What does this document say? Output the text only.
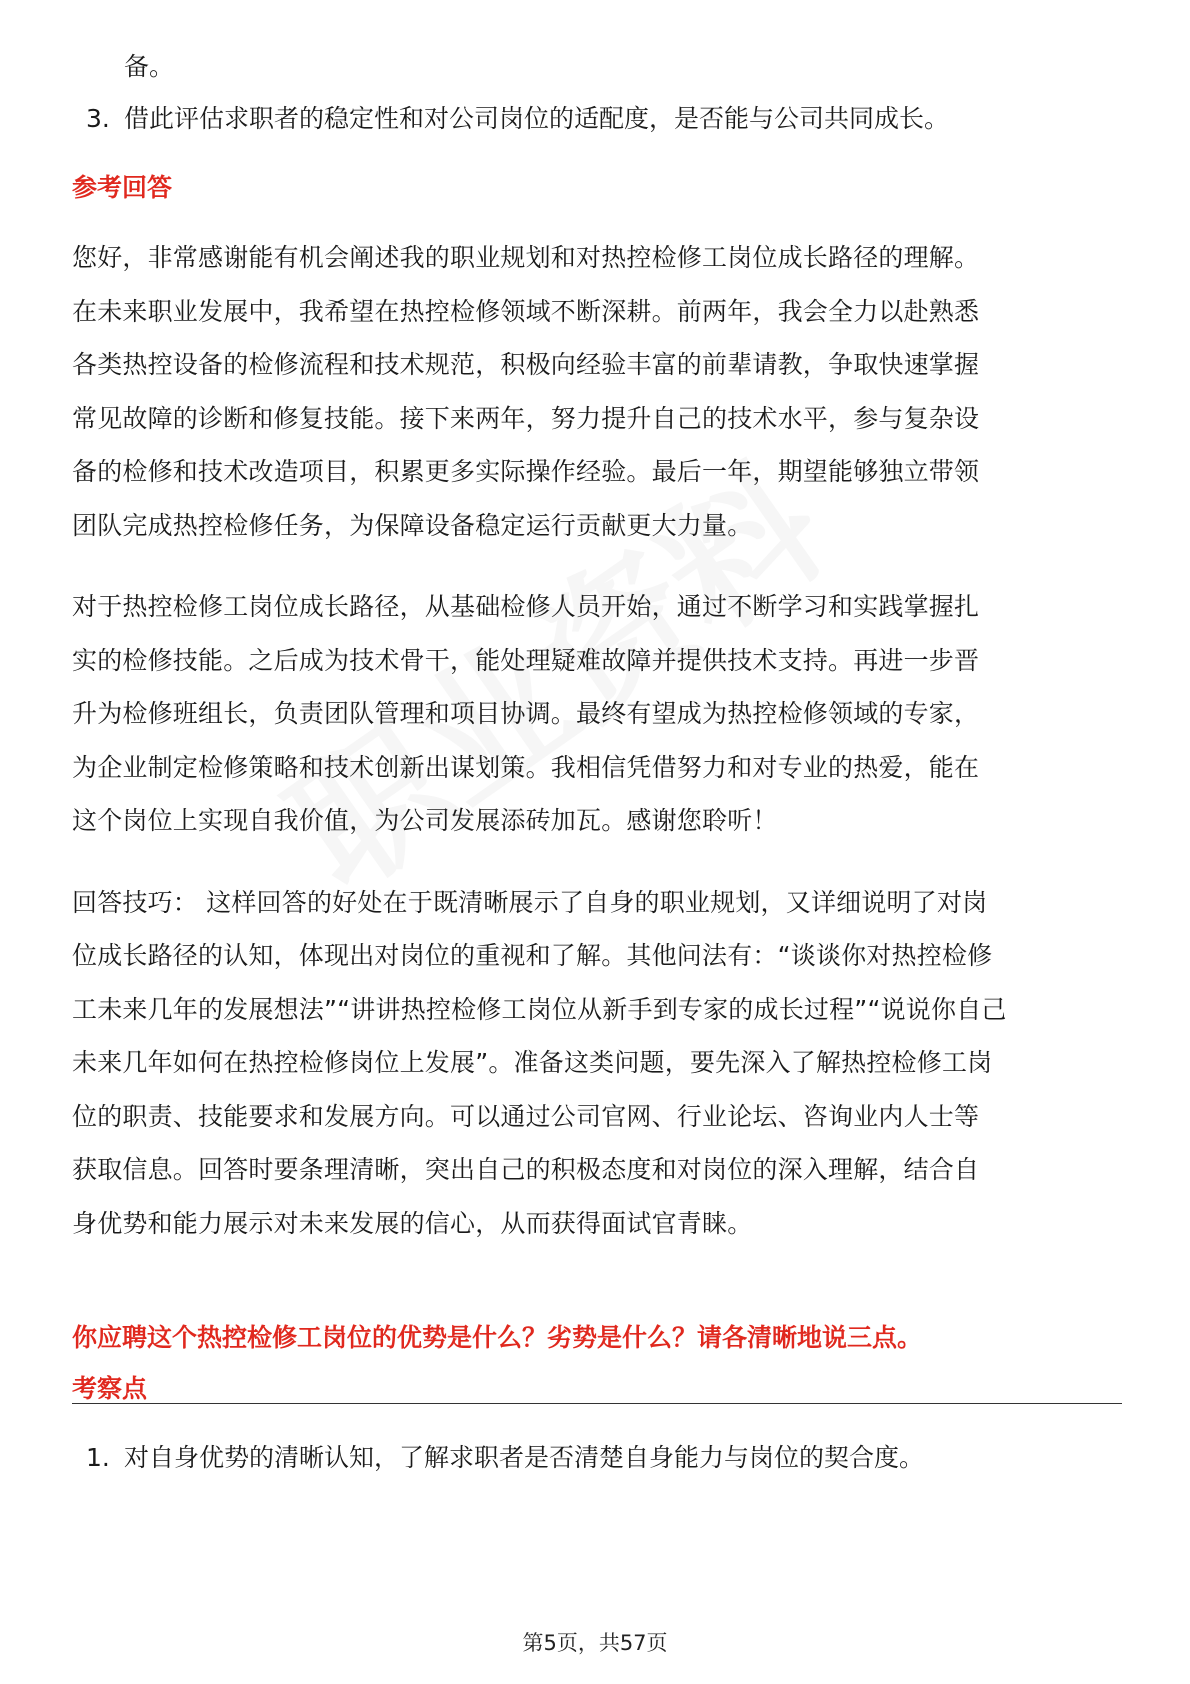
备。
3. 借此评估求职者的稳定性和对公司岗位的适配度，是否能与公司共同成长。
参考回答
您好，非常感谢能有机会阐述我的职业规划和对热控检修工岗位成长路径的理解。
在未来职业发展中，我希望在热控检修领域不断深耕。前两年，我会全力以赴熟悉
各类热控设备的检修流程和技术规范，积极向经验丰富的前辈请教，争取快速掌握
常见故障的诊断和修复技能。接下来两年，努力提升自己的技术水平，参与复杂设
备的检修和技术改造项目，积累更多实际操作经验。最后一年，期望能够独立带领
团队完成热控检修任务，为保障设备稳定运行贡献更大力量。
对于热控检修工岗位成长路径，从基础检修人员开始，通过不断学习和实践掌握扎
实的检修技能。之后成为技术骨干，能处理疑难故障并提供技术支持。再进一步晋
升为检修班组长，负责团队管理和项目协调。最终有望成为热控检修领域的专家，
为企业制定检修策略和技术创新出谋划策。我相信凭借努力和对专业的热爱，能在
这个岗位上实现自我价值，为公司发展添砖加瓦。感谢您聆听！
回答技巧： 这样回答的好处在于既清晰展示了自身的职业规划，又详细说明了对岗
位成长路径的认知，体现出对岗位的重视和了解。其他问法有：“谈谈你对热控检修
工未来几年的发展想法”“讲讲热控检修工岗位从新手到专家的成长过程”“说说你自己
未来几年如何在热控检修岗位上发展”。准备这类问题，要先深入了解热控检修工岗
位的职责、技能要求和发展方向。可以通过公司官网、行业论坛、咨询业内人士等
获取信息。回答时要条理清晰，突出自己的积极态度和对岗位的深入理解，结合自
身优势和能力展示对未来发展的信心，从而获得面试官青睐。
你应聘这个热控检修工岗位的优势是什么？劣势是什么？请各清晰地说三点。
考察点
1. 对自身优势的清晰认知，了解求职者是否清楚自身能力与岗位的契合度。
第5页，共57页
